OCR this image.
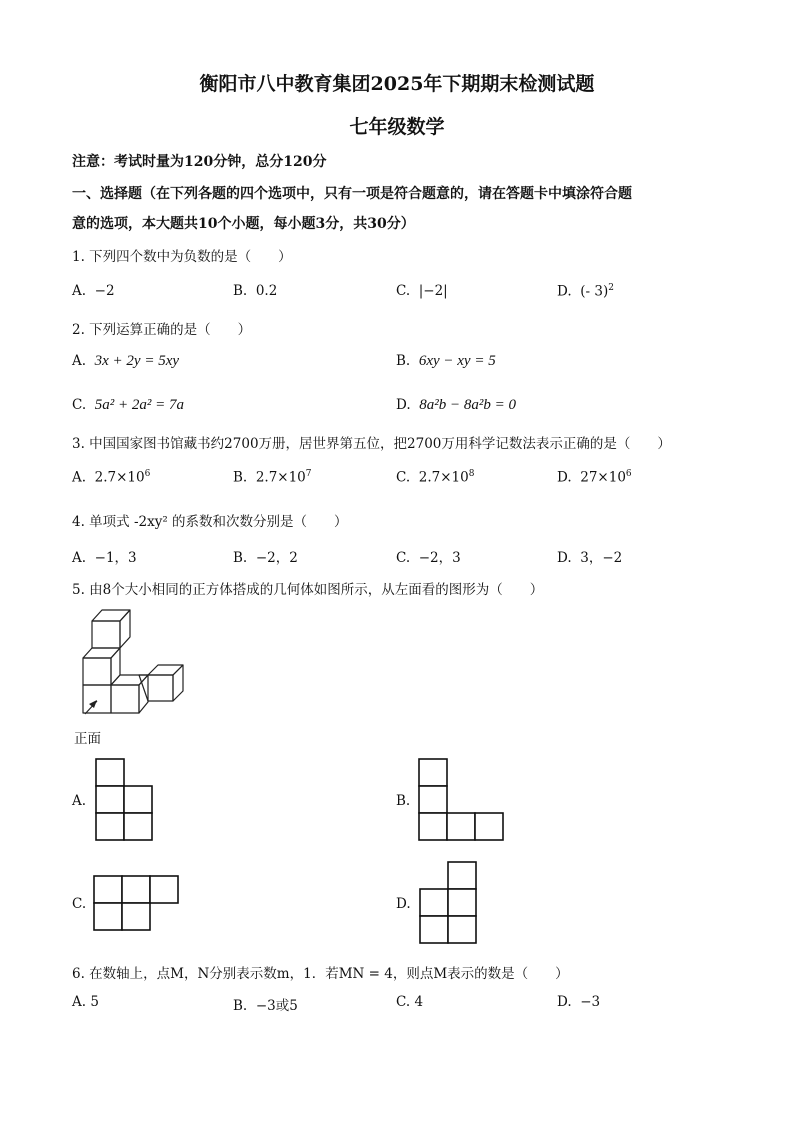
衡阳市八中教育集团2025年下期期末检测试题
七年级数学
注意：考试时量为120分钟，总分120分
一、选择题（在下列各题的四个选项中，只有一项是符合题意的，请在答题卡中填涂符合题
意的选项，本大题共10个小题，每小题3分，共30分）
1. 下列四个数中为负数的是（　　）
A. −2	B. 0.2	C. |−2|	D. (- 3)$^2$
2. 下列运算正确的是（　　）
A. 3x + 2y = 5xy	B. 6xy − xy = 5
C. 5a² + 2a² = 7a	D. 8a²b − 8a²b = 0
3. 中国国家图书馆藏书约2700万册，居世界第五位，把2700万用科学记数法表示正确的是（　　）
A. $2.7\times 10^6$	B. $2.7\times 10^7$	C. $2.7\times 10^8$	D. $27\times 10^6$
4. 单项式 -2xy² 的系数和次数分别是（　　）
A. −1，3	B. −2，2	C. −2，3	D. 3，−2
5. 由8个大小相同的正方体搭成的几何体如图所示，从左面看的图形为（　　）
正面
A.	B.
C.	D.
6. 在数轴上，点M，N分别表示数m，1．若MN = 4，则点M表示的数是（　　）
A. 5	B. −3或5	C. 4	D. −3
